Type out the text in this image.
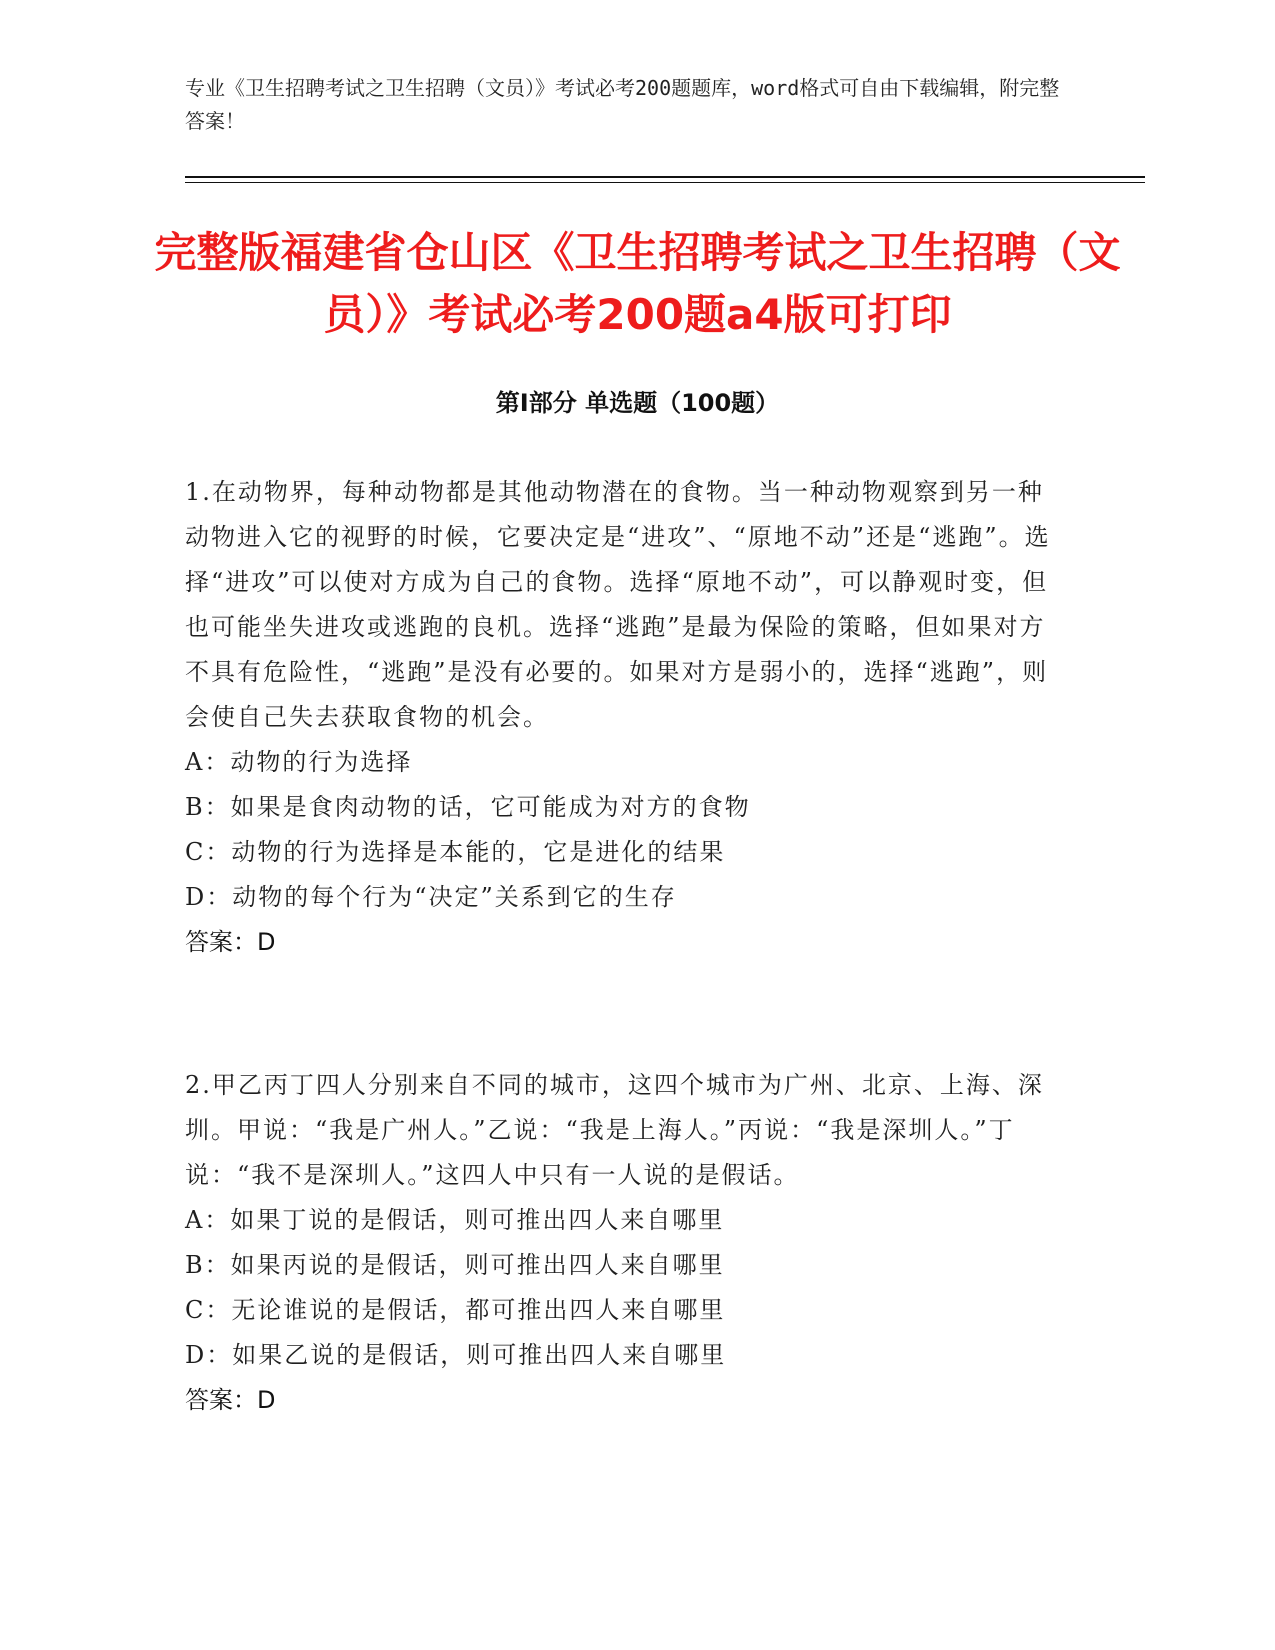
专业《卫生招聘考试之卫生招聘（文员）》考试必考200题题库，word格式可自由下载编辑，附完整答案！

完整版福建省仓山区《卫生招聘考试之卫生招聘（文员）》考试必考200题a4版可打印
第Ⅰ部分 单选题（100题）

1.在动物界，每种动物都是其他动物潜在的食物。当一种动物观察到另一种动物进入它的视野的时候，它要决定是“进攻”、“原地不动”还是“逃跑”。选择“进攻”可以使对方成为自己的食物。选择“原地不动”，可以静观时变，但也可能坐失进攻或逃跑的良机。选择“逃跑”是最为保险的策略，但如果对方不具有危险性，“逃跑”是没有必要的。如果对方是弱小的，选择“逃跑”，则会使自己失去获取食物的机会。

A：动物的行为选择

B：如果是食肉动物的话，它可能成为对方的食物

C：动物的行为选择是本能的，它是进化的结果

D：动物的每个行为“决定”关系到它的生存

答案：D

2.甲乙丙丁四人分别来自不同的城市，这四个城市为广州、北京、上海、深圳。甲说：“我是广州人。”乙说：“我是上海人。”丙说：“我是深圳人。”丁说：“我不是深圳人。”这四人中只有一人说的是假话。

A：如果丁说的是假话，则可推出四人来自哪里

B：如果丙说的是假话，则可推出四人来自哪里

C：无论谁说的是假话，都可推出四人来自哪里

D：如果乙说的是假话，则可推出四人来自哪里

答案：D
